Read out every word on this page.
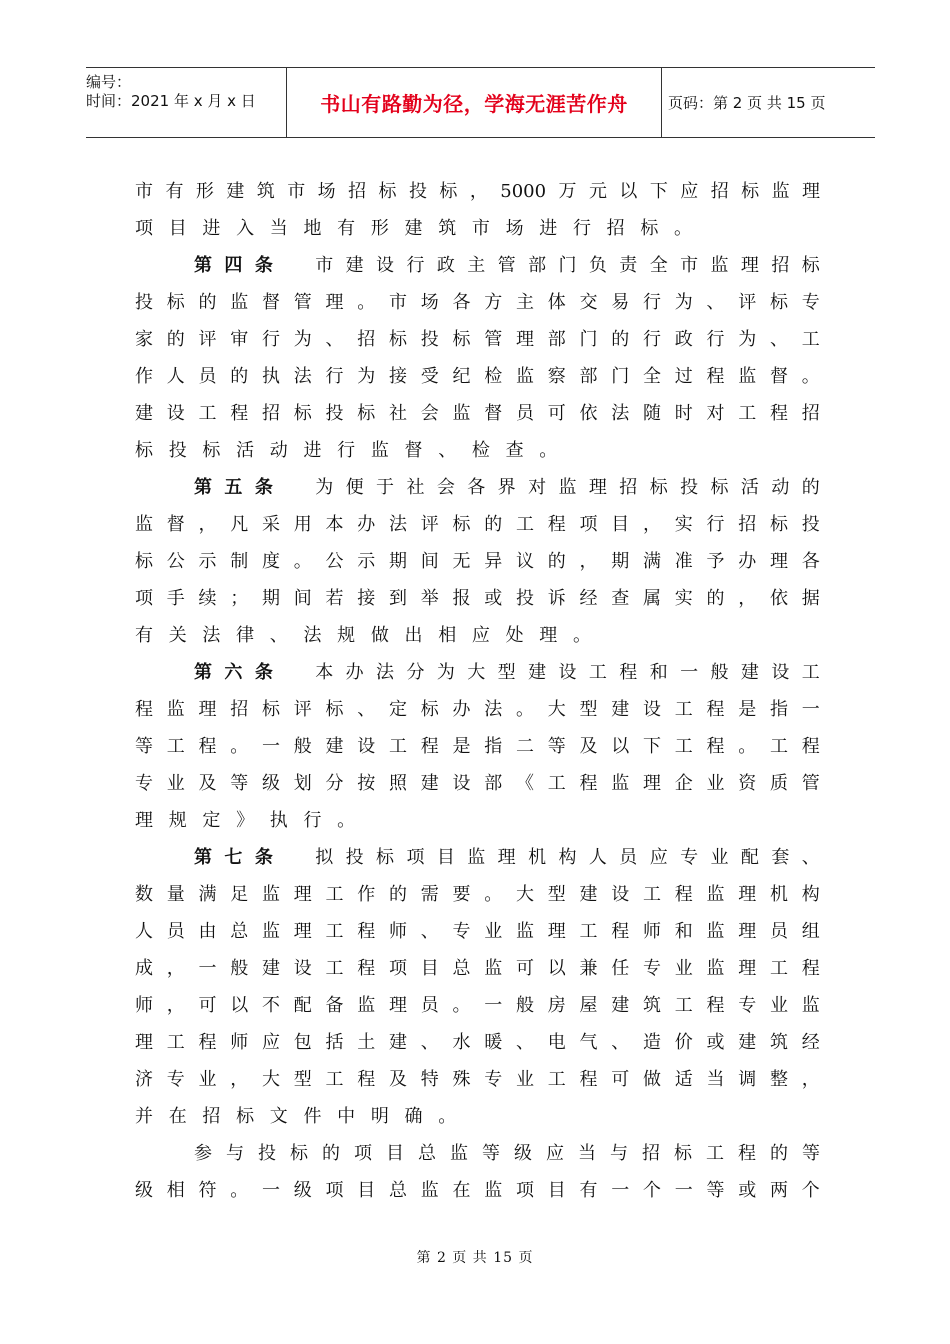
编号：
时间：2021 年 x 月 x 日	书山有路勤为径，学海无涯苦作舟	页码：第 2 页 共 15 页
市 有 形 建 筑 市 场 招 标 投 标 ， 5000 万 元 以 下 应 招 标 监 理
项 目 进 入 当 地 有 形 建 筑 市 场 进 行 招 标 。
第 四 条 市 建 设 行 政 主 管 部 门 负 责 全 市 监 理 招 标
投 标 的 监 督 管 理 。 市 场 各 方 主 体 交 易 行 为 、 评 标 专
家 的 评 审 行 为 、 招 标 投 标 管 理 部 门 的 行 政 行 为 、 工
作 人 员 的 执 法 行 为 接 受 纪 检 监 察 部 门 全 过 程 监 督 。
建 设 工 程 招 标 投 标 社 会 监 督 员 可 依 法 随 时 对 工 程 招
标 投 标 活 动 进 行 监 督 、 检 查 。
第 五 条 为 便 于 社 会 各 界 对 监 理 招 标 投 标 活 动 的
监 督 ， 凡 采 用 本 办 法 评 标 的 工 程 项 目 ， 实 行 招 标 投
标 公 示 制 度 。 公 示 期 间 无 异 议 的 ， 期 满 准 予 办 理 各
项 手 续 ； 期 间 若 接 到 举 报 或 投 诉 经 查 属 实 的 ， 依 据
有 关 法 律 、 法 规 做 出 相 应 处 理 。
第 六 条 本 办 法 分 为 大 型 建 设 工 程 和 一 般 建 设 工
程 监 理 招 标 评 标 、 定 标 办 法 。 大 型 建 设 工 程 是 指 一
等 工 程 。 一 般 建 设 工 程 是 指 二 等 及 以 下 工 程 。 工 程
专 业 及 等 级 划 分 按 照 建 设 部 《 工 程 监 理 企 业 资 质 管
理 规 定 》 执 行 。
第 七 条 拟 投 标 项 目 监 理 机 构 人 员 应 专 业 配 套 、
数 量 满 足 监 理 工 作 的 需 要 。 大 型 建 设 工 程 监 理 机 构
人 员 由 总 监 理 工 程 师 、 专 业 监 理 工 程 师 和 监 理 员 组
成 ， 一 般 建 设 工 程 项 目 总 监 可 以 兼 任 专 业 监 理 工 程
师 ， 可 以 不 配 备 监 理 员 。 一 般 房 屋 建 筑 工 程 专 业 监
理 工 程 师 应 包 括 土 建 、 水 暖 、 电 气 、 造 价 或 建 筑 经
济 专 业 ， 大 型 工 程 及 特 殊 专 业 工 程 可 做 适 当 调 整 ，
并 在 招 标 文 件 中 明 确 。
参 与 投 标 的 项 目 总 监 等 级 应 当 与 招 标 工 程 的 等
级 相 符 。 一 级 项 目 总 监 在 监 项 目 有 一 个 一 等 或 两 个
第 2 页 共 15 页
